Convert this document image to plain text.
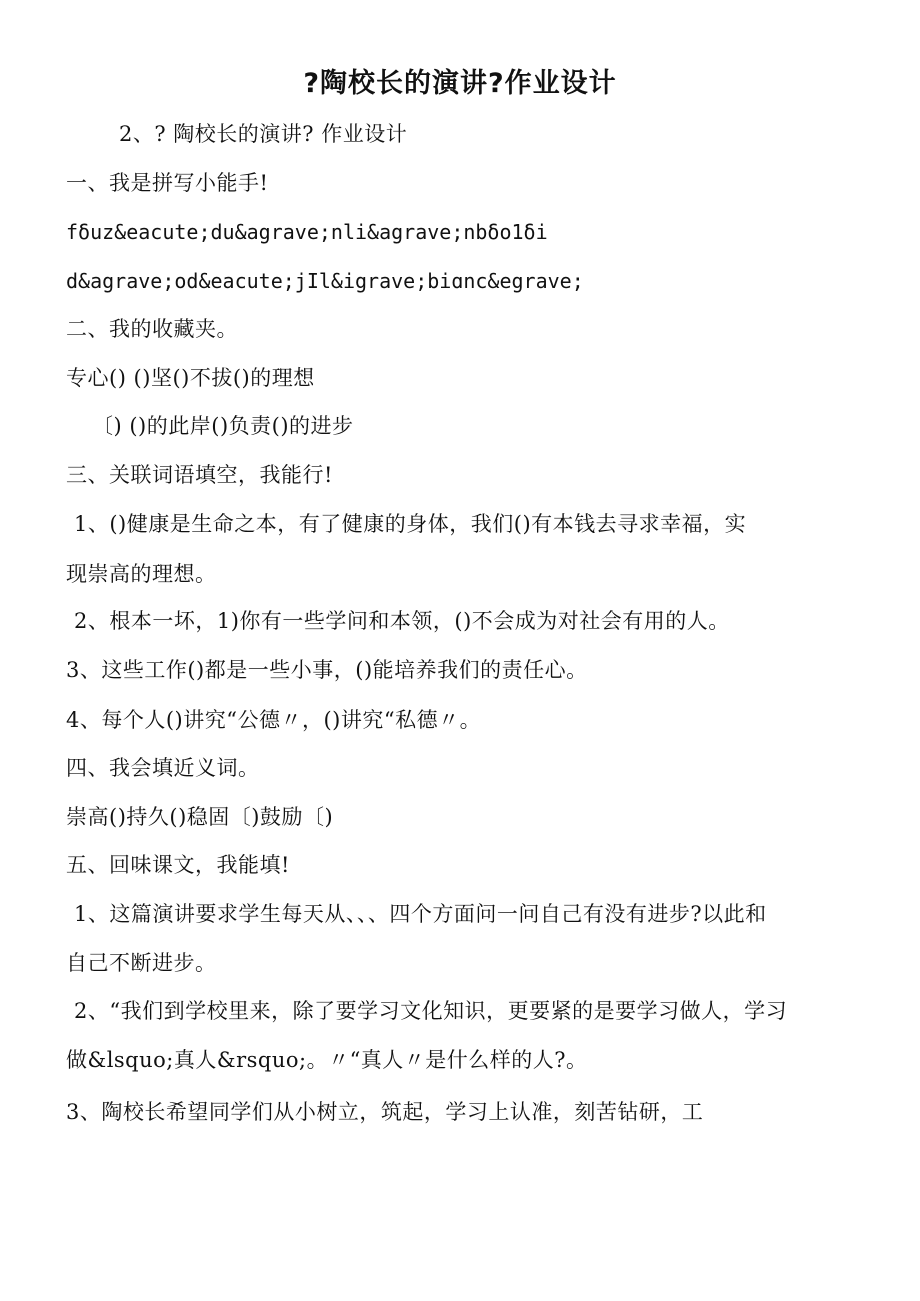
?陶校长的演讲?作业设计
2、? 陶校长的演讲? 作业设计
一、我是拼写小能手!
fδuz&eacute;du&agrave;nli&agrave;nbδo1δi
d&agrave;od&eacute;jIl&igrave;biɑnc&egrave;
二、我的收藏夹。
专心() ()坚()不拔()的理想
〔) ()的此岸()负责()的进步
三、关联词语填空，我能行!
1、()健康是生命之本，有了健康的身体，我们()有本钱去寻求幸福，实
现崇高的理想。
2、根本一坏，1)你有一些学问和本领，()不会成为对社会有用的人。
3、这些工作()都是一些小事，()能培养我们的责任心。
4、每个人()讲究“公德〃，()讲究“私德〃。
四、我会填近义词。
崇高()持久()稳固〔)鼓励〔)
五、回味课文，我能填!
1、这篇演讲要求学生每天从、、、四个方面问一问自己有没有进步?以此和
自己不断进步。
2、“我们到学校里来，除了要学习文化知识，更要紧的是要学习做人，学习
做&lsquo;真人&rsquo;。〃“真人〃是什么样的人?。
3、陶校长希望同学们从小树立，筑起，学习上认准，刻苦钻研，工
